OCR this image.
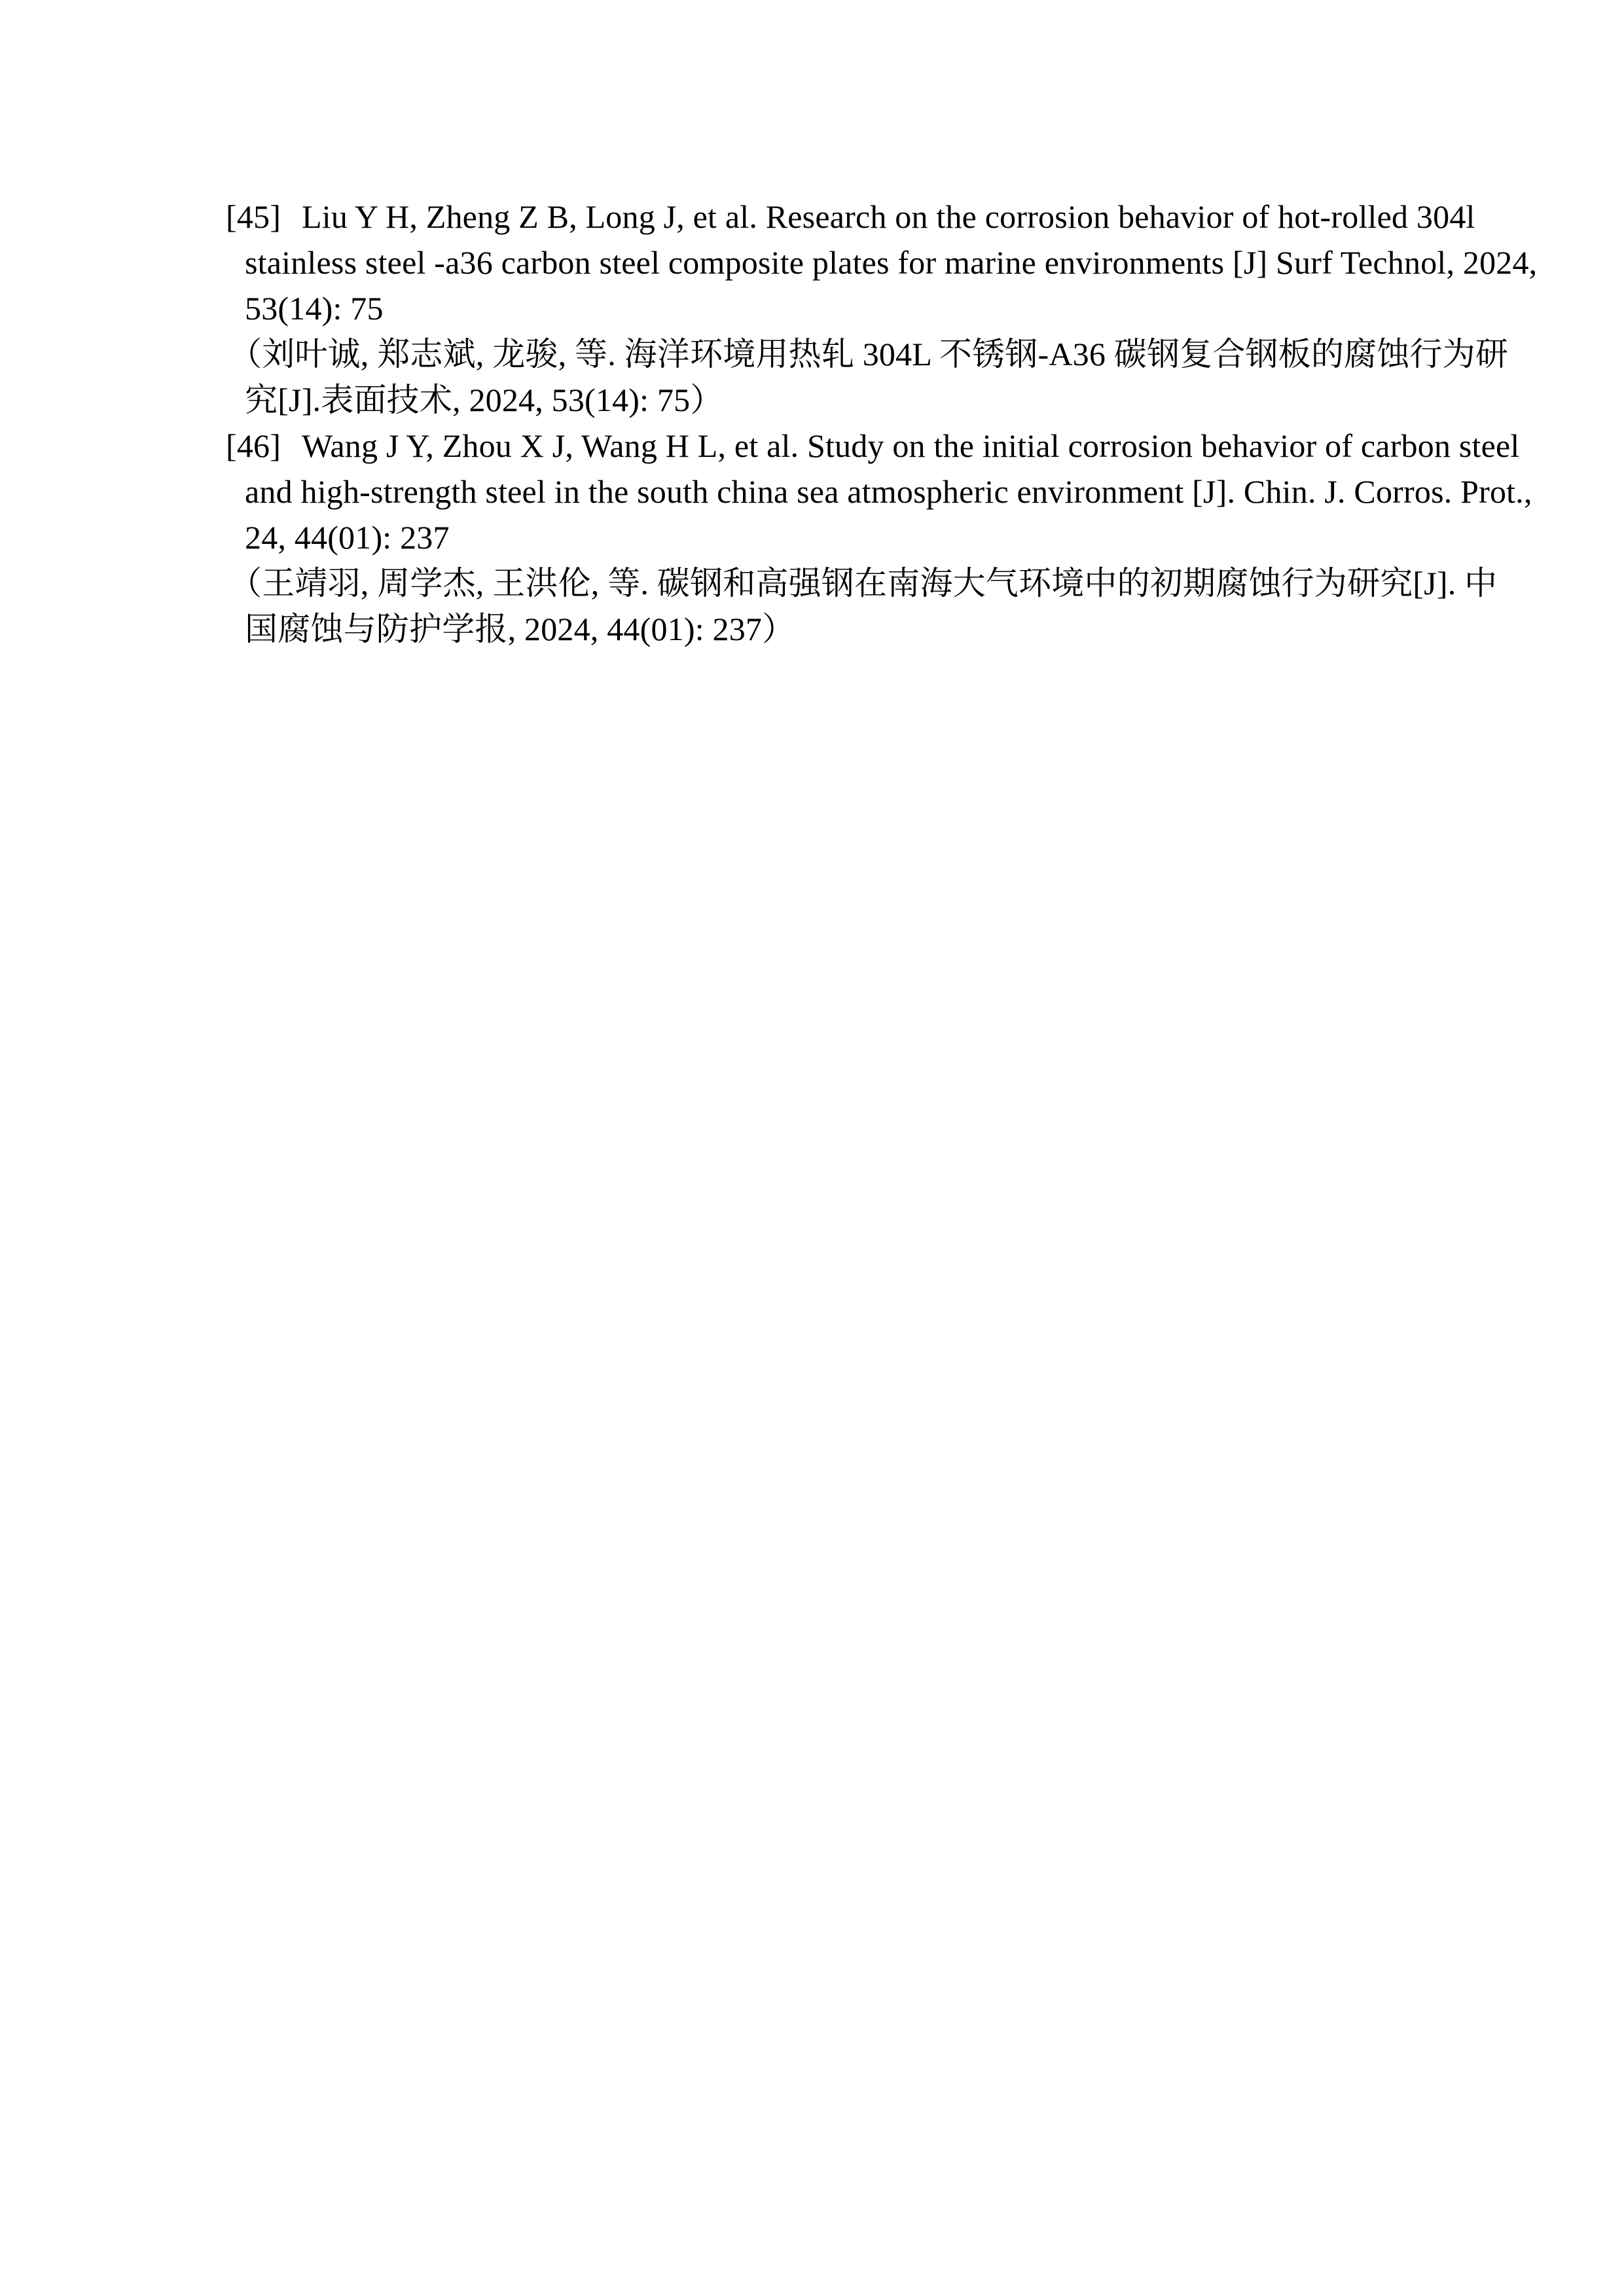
[45] Liu Y H, Zheng Z B, Long J, et al. Research on the corrosion behavior of hot-rolled 304l
stainless steel -a36 carbon steel composite plates for marine environments [J] Surf Technol, 2024,
53(14): 75
（刘叶诚, 郑志斌, 龙骏, 等. 海洋环境用热轧 304L 不锈钢-A36 碳钢复合钢板的腐蚀行为研
究[J].表面技术, 2024, 53(14): 75）
[46] Wang J Y, Zhou X J, Wang H L, et al. Study on the initial corrosion behavior of carbon steel
and high-strength steel in the south china sea atmospheric environment [J]. Chin. J. Corros. Prot.,
24, 44(01): 237
（王靖羽, 周学杰, 王洪伦, 等. 碳钢和高强钢在南海大气环境中的初期腐蚀行为研究[J]. 中
国腐蚀与防护学报, 2024, 44(01): 237）
